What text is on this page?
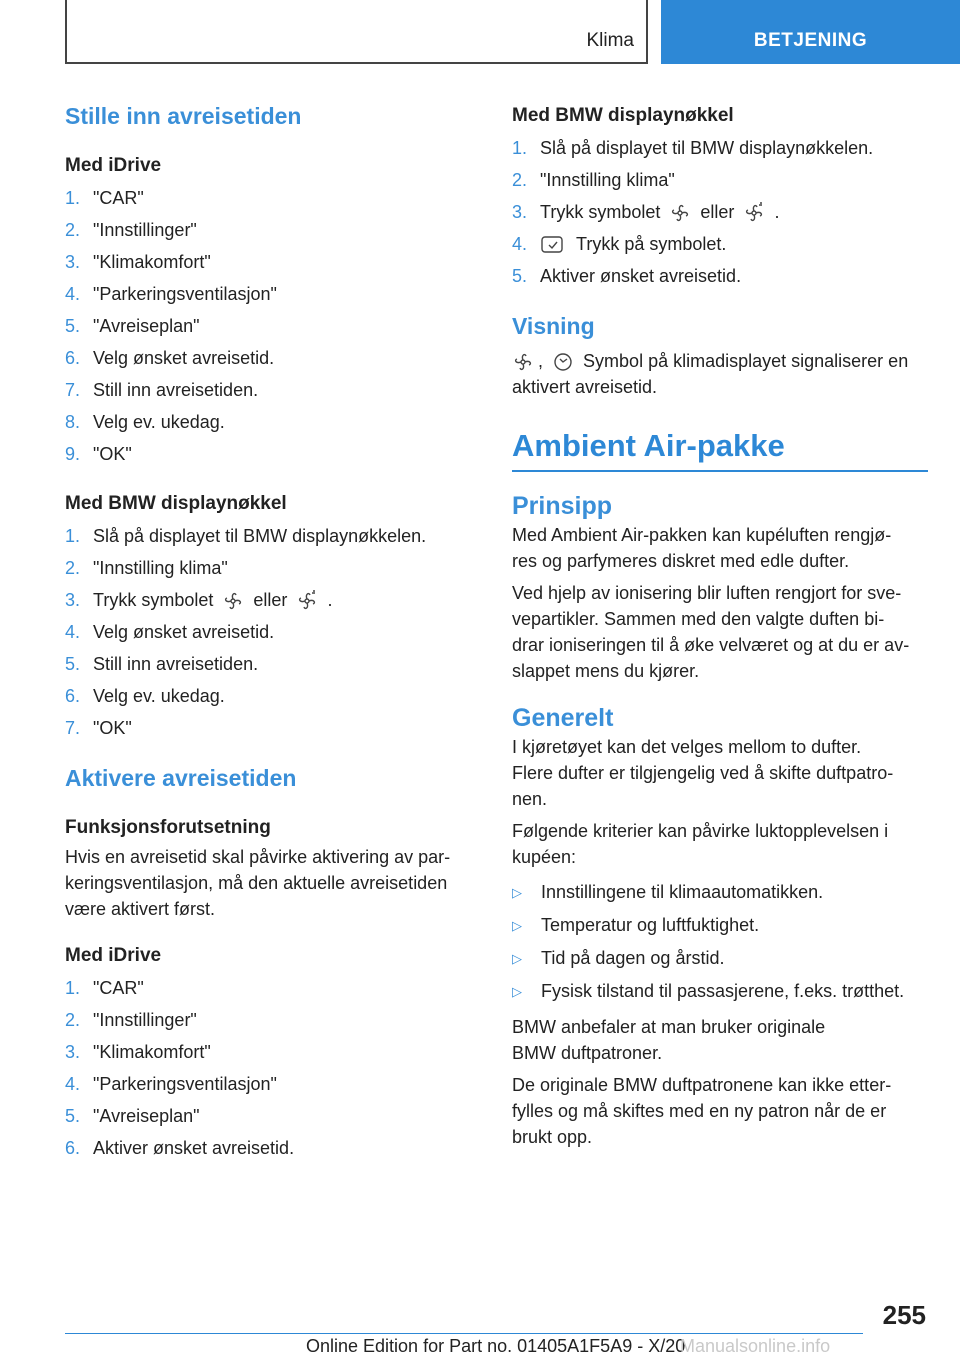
Klima	BETJENING
Stille inn avreisetiden
Med iDrive
1. "CAR"
2. "Innstillinger"
3. "Klimakomfort"
4. "Parkeringsventilasjon"
5. "Avreiseplan"
6. Velg ønsket avreisetid.
7. Still inn avreisetiden.
8. Velg ev. ukedag.
9. "OK"
Med BMW displaynøkkel
1. Slå på displayet til BMW displaynøkkelen.
2. "Innstilling klima"
3. Trykk symbolet eller .
4. Velg ønsket avreisetid.
5. Still inn avreisetiden.
6. Velg ev. ukedag.
7. "OK"
Aktivere avreisetiden
Funksjonsforutsetning

Hvis en avreisetid skal påvirke aktivering av par-
keringsventilasjon, må den aktuelle avreisetiden
være aktivert først.

Med iDrive
1. "CAR"
2. "Innstillinger"
3. "Klimakomfort"
4. "Parkeringsventilasjon"
5. "Avreiseplan"
6. Aktiver ønsket avreisetid.
Med BMW displaynøkkel
1. Slå på displayet til BMW displaynøkkelen.
2. "Innstilling klima"
3. Trykk symbolet eller .
4.	Trykk på symbolet.
5. Aktiver ønsket avreisetid.
Visning

, Symbol på klimadisplayet signaliserer en
aktivert avreisetid.

Ambient Air-pakke
Prinsipp

Med Ambient Air-pakken kan kupéluften rengjø-
res og parfymeres diskret med edle dufter.

Ved hjelp av ionisering blir luften rengjort for sve-
vepartikler. Sammen med den valgte duften bi-
drar ioniseringen til å øke velværet og at du er av-
slappet mens du kjører.

Generelt

I kjøretøyet kan det velges mellom to dufter.
Flere dufter er tilgjengelig ved å skifte duftpatro-
nen.

Følgende kriterier kan påvirke luktopplevelsen i
kupéen:

▷	Innstillingene til klimaautomatikken.
▷	Temperatur og luftfuktighet.
▷	Tid på dagen og årstid.
▷	Fysisk tilstand til passasjerene, f.eks. trøtthet.

BMW anbefaler at man bruker originale
BMW duftpatroner.

De originale BMW duftpatronene kan ikke etter-
fylles og må skiftes med en ny patron når de er
brukt opp.

255
Online Edition for Part no. 01405A1F5A9 - X/20
Manualsonline.info
